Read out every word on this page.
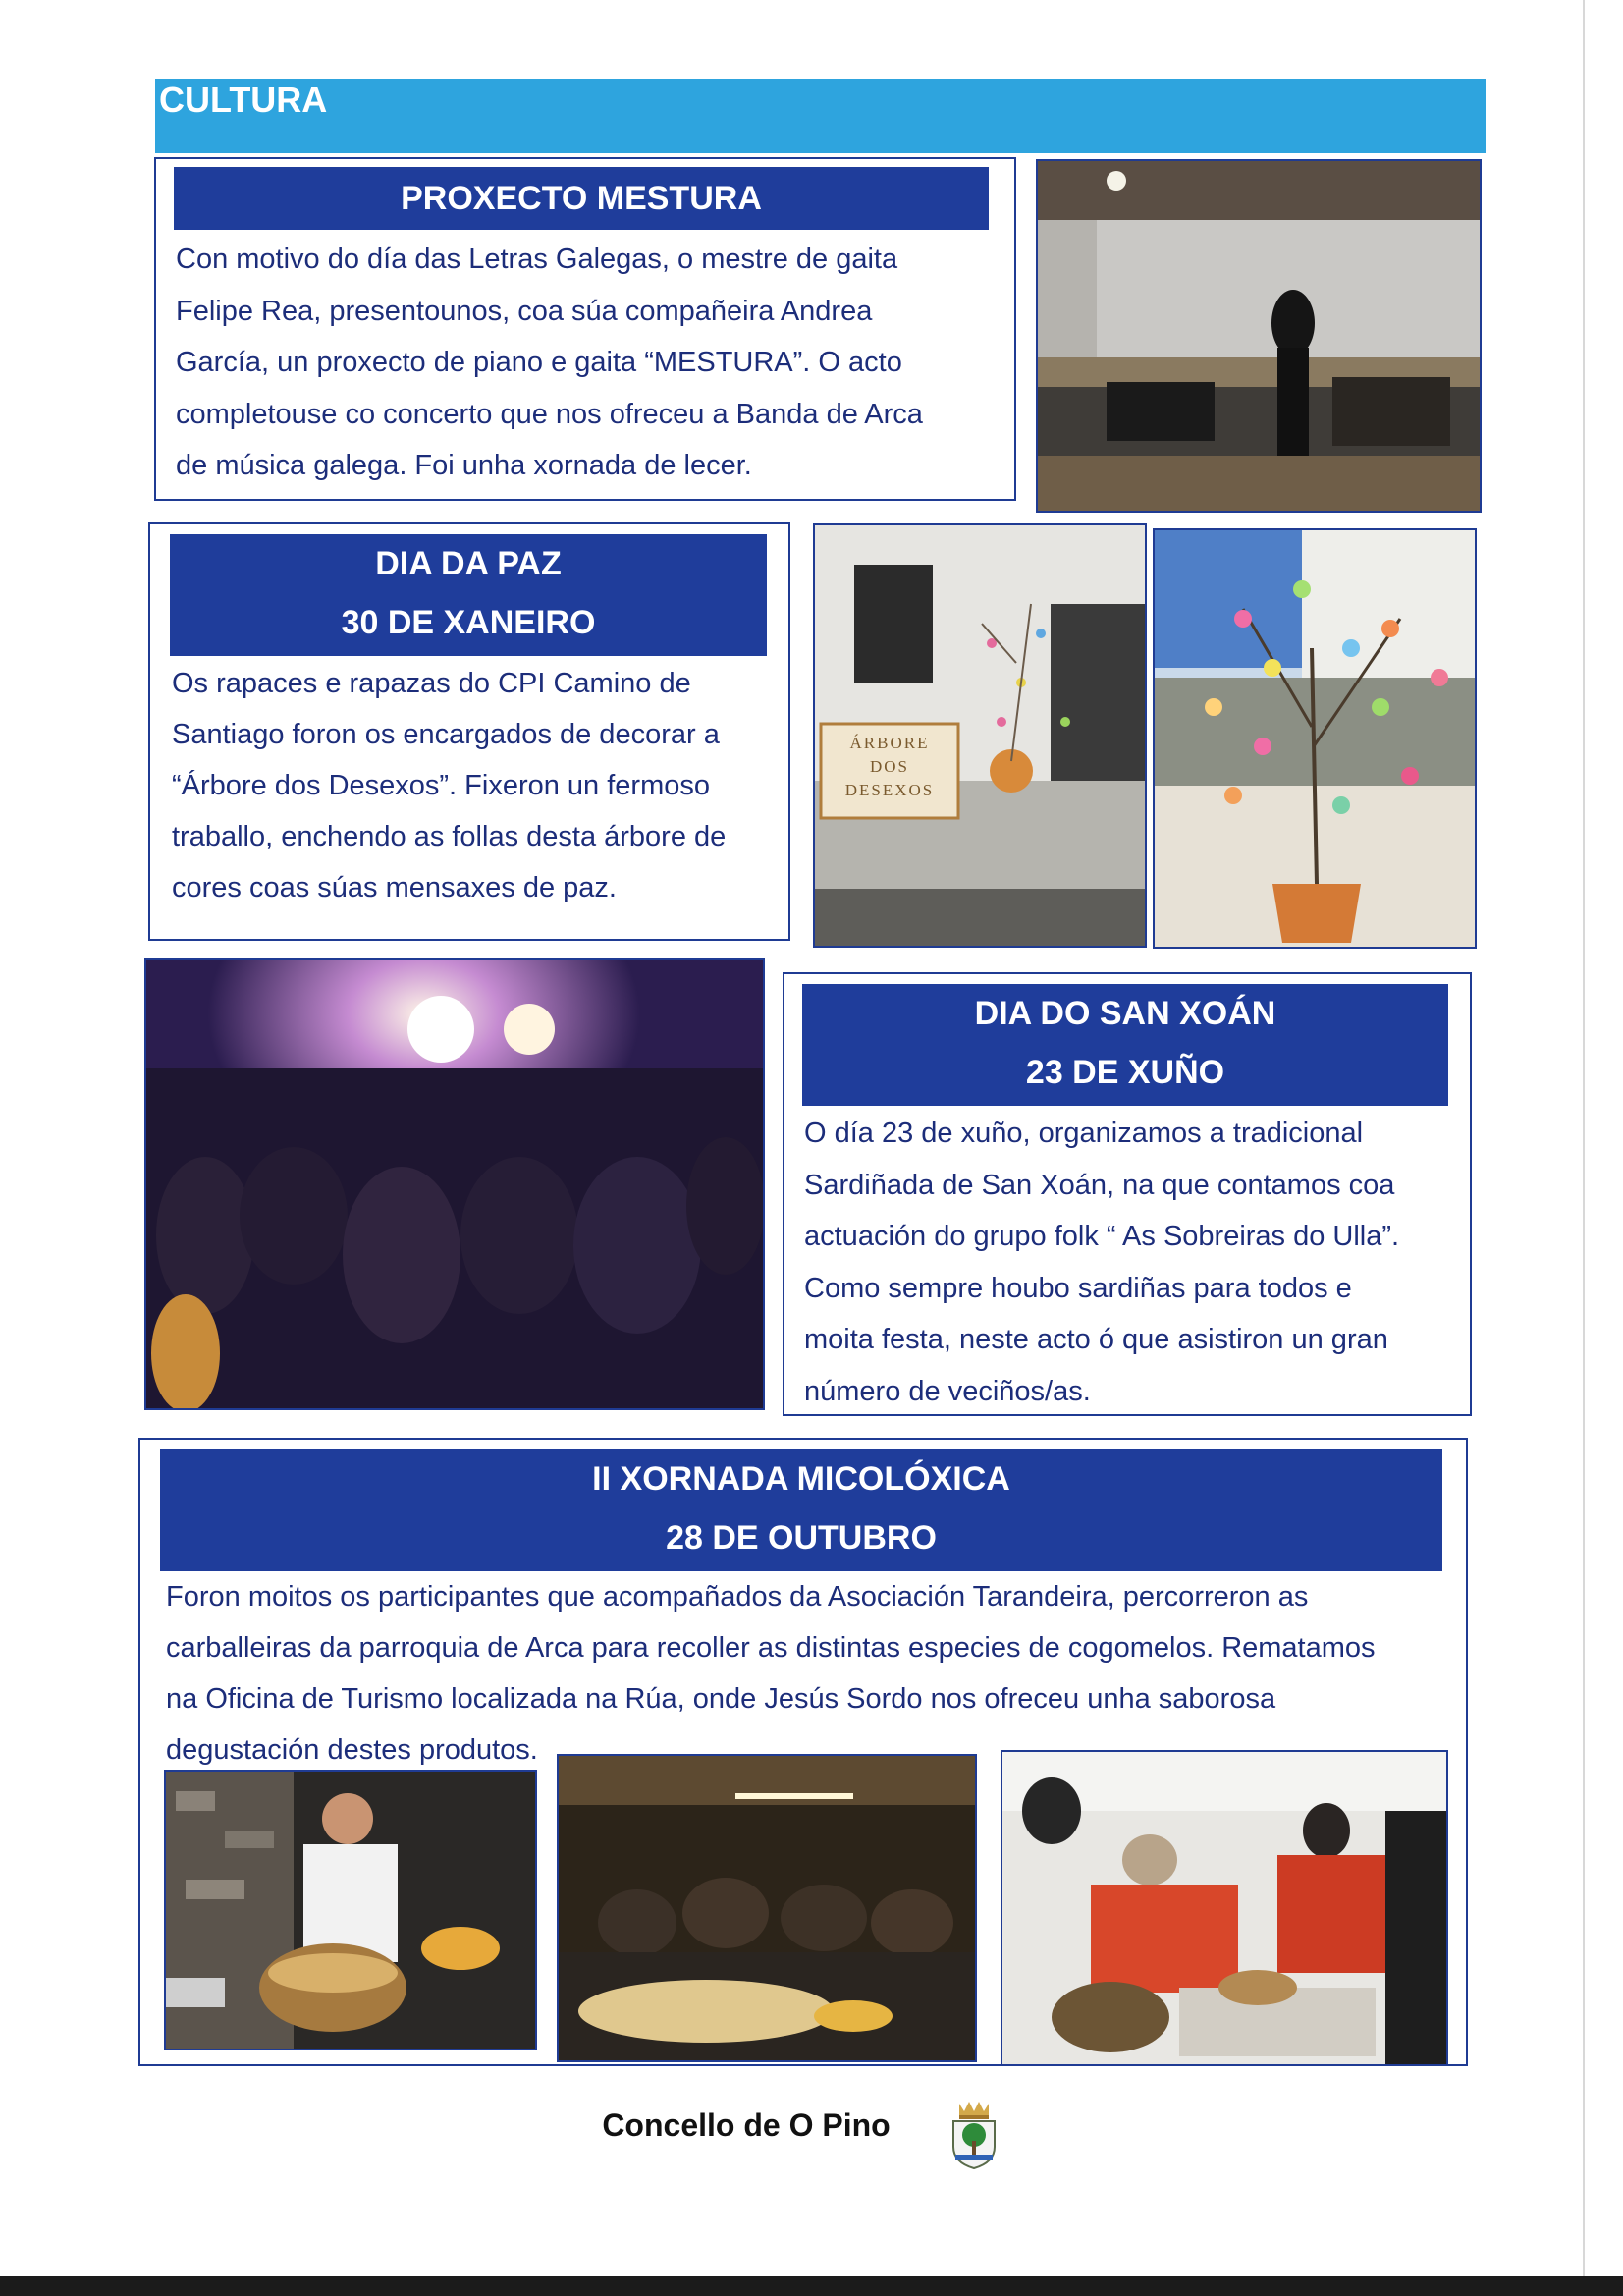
CULTURA
PROXECTO MESTURA
Con motivo do día das Letras Galegas, o mestre de gaita
Felipe Rea, presentounos, coa súa compañeira Andrea
García, un proxecto de piano e gaita “MESTURA”. O acto
completouse co concerto que nos ofreceu a Banda de Arca
de música galega. Foi unha xornada de lecer.
DIA DA PAZ
30 DE XANEIRO
Os rapaces e rapazas do CPI Camino de
Santiago foron os encargados de decorar a
“Árbore dos Desexos”. Fixeron un fermoso
traballo, enchendo as follas desta árbore de
cores coas súas mensaxes de paz.
ÁRBORE
DOS
DESEXOS
DIA DO SAN XOÁN
23 DE XUÑO
O día 23 de xuño, organizamos a tradicional
Sardiñada de San Xoán, na que contamos coa
actuación do grupo folk “ As Sobreiras do Ulla”.
Como sempre houbo sardiñas para todos e
moita festa, neste acto ó que asistiron un gran
número de veciños/as.
II XORNADA MICOLÓXICA
28 DE OUTUBRO
Foron moitos os participantes que acompañados da Asociación Tarandeira, percorreron as
carballeiras da parroquia de Arca para recoller as distintas especies de cogomelos. Rematamos
na Oficina de Turismo localizada na Rúa, onde Jesús Sordo nos ofreceu unha saborosa
degustación destes produtos.
Concello de O Pino
